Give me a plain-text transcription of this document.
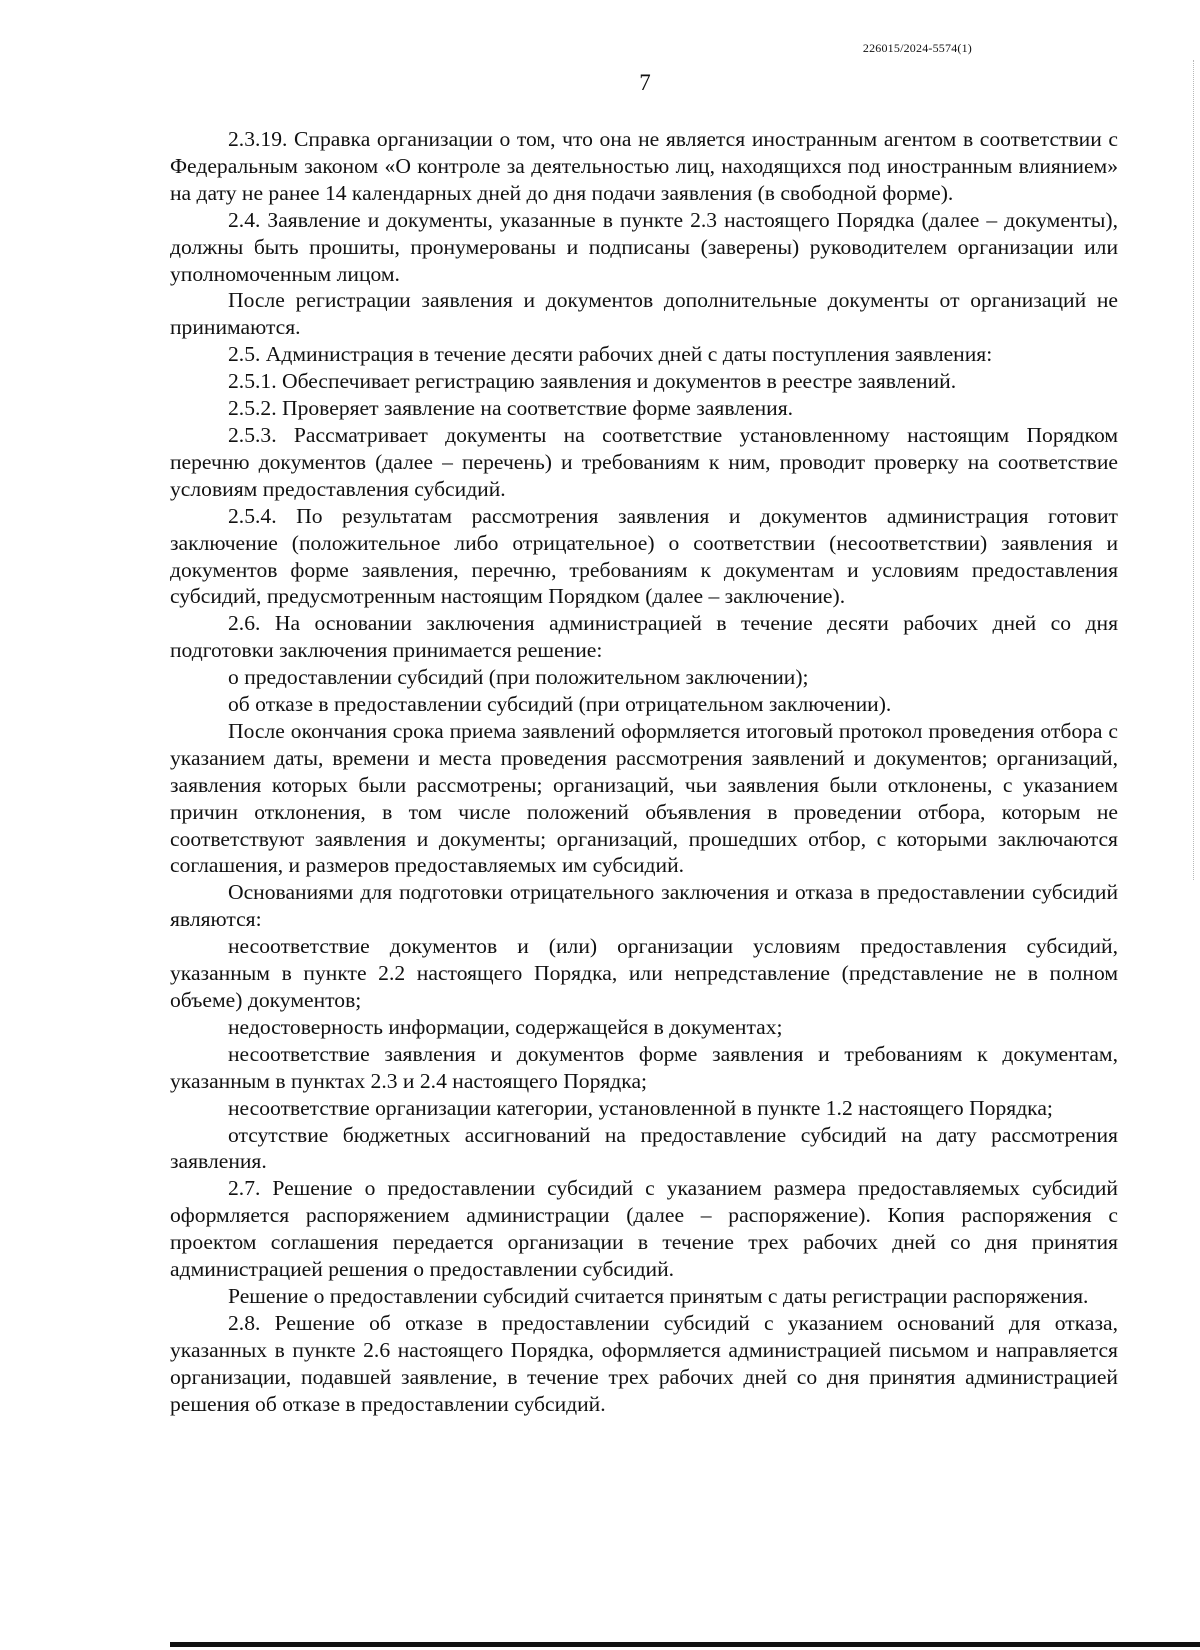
226015/2024-5574(1)
7

2.3.19. Справка организации о том, что она не является иностранным агентом в соответствии с Федеральным законом «О контроле за деятельностью лиц, находящихся под иностранным влиянием» на дату не ранее 14 календарных дней до дня подачи заявления (в свободной форме).

2.4. Заявление и документы, указанные в пункте 2.3 настоящего Порядка (далее – документы), должны быть прошиты, пронумерованы и подписаны (заверены) руководителем организации или уполномоченным лицом.

После регистрации заявления и документов дополнительные документы от организаций не принимаются.

2.5. Администрация в течение десяти рабочих дней с даты поступления заявления:

2.5.1. Обеспечивает регистрацию заявления и документов в реестре заявлений.

2.5.2. Проверяет заявление на соответствие форме заявления.

2.5.3. Рассматривает документы на соответствие установленному настоящим Порядком перечню документов (далее – перечень) и требованиям к ним, проводит проверку на соответствие условиям предоставления субсидий.

2.5.4. По результатам рассмотрения заявления и документов администрация готовит заключение (положительное либо отрицательное) о соответствии (несоответствии) заявления и документов форме заявления, перечню, требованиям к документам и условиям предоставления субсидий, предусмотренным настоящим Порядком (далее – заключение).

2.6. На основании заключения администрацией в течение десяти рабочих дней со дня подготовки заключения принимается решение:

о предоставлении субсидий (при положительном заключении);

об отказе в предоставлении субсидий (при отрицательном заключении).

После окончания срока приема заявлений оформляется итоговый протокол проведения отбора с указанием даты, времени и места проведения рассмотрения заявлений и документов; организаций, заявления которых были рассмотрены; организаций, чьи заявления были отклонены, с указанием причин отклонения, в том числе положений объявления в проведении отбора, которым не соответствуют заявления и документы; организаций, прошедших отбор, с которыми заключаются соглашения, и размеров предоставляемых им субсидий.

Основаниями для подготовки отрицательного заключения и отказа в предоставлении субсидий являются:

несоответствие документов и (или) организации условиям предоставления субсидий, указанным в пункте 2.2 настоящего Порядка, или непредставление (представление не в полном объеме) документов;

недостоверность информации, содержащейся в документах;

несоответствие заявления и документов форме заявления и требованиям к документам, указанным в пунктах 2.3 и 2.4 настоящего Порядка;

несоответствие организации категории, установленной в пункте 1.2 настоящего Порядка;

отсутствие бюджетных ассигнований на предоставление субсидий на дату рассмотрения заявления.

2.7. Решение о предоставлении субсидий с указанием размера предоставляемых субсидий оформляется распоряжением администрации (далее – распоряжение). Копия распоряжения с проектом соглашения передается организации в течение трех рабочих дней со дня принятия администрацией решения о предоставлении субсидий.

Решение о предоставлении субсидий считается принятым с даты регистрации распоряжения.

2.8. Решение об отказе в предоставлении субсидий с указанием оснований для отказа, указанных в пункте 2.6 настоящего Порядка, оформляется администрацией письмом и направляется организации, подавшей заявление, в течение трех рабочих дней со дня принятия администрацией решения об отказе в предоставлении субсидий.
